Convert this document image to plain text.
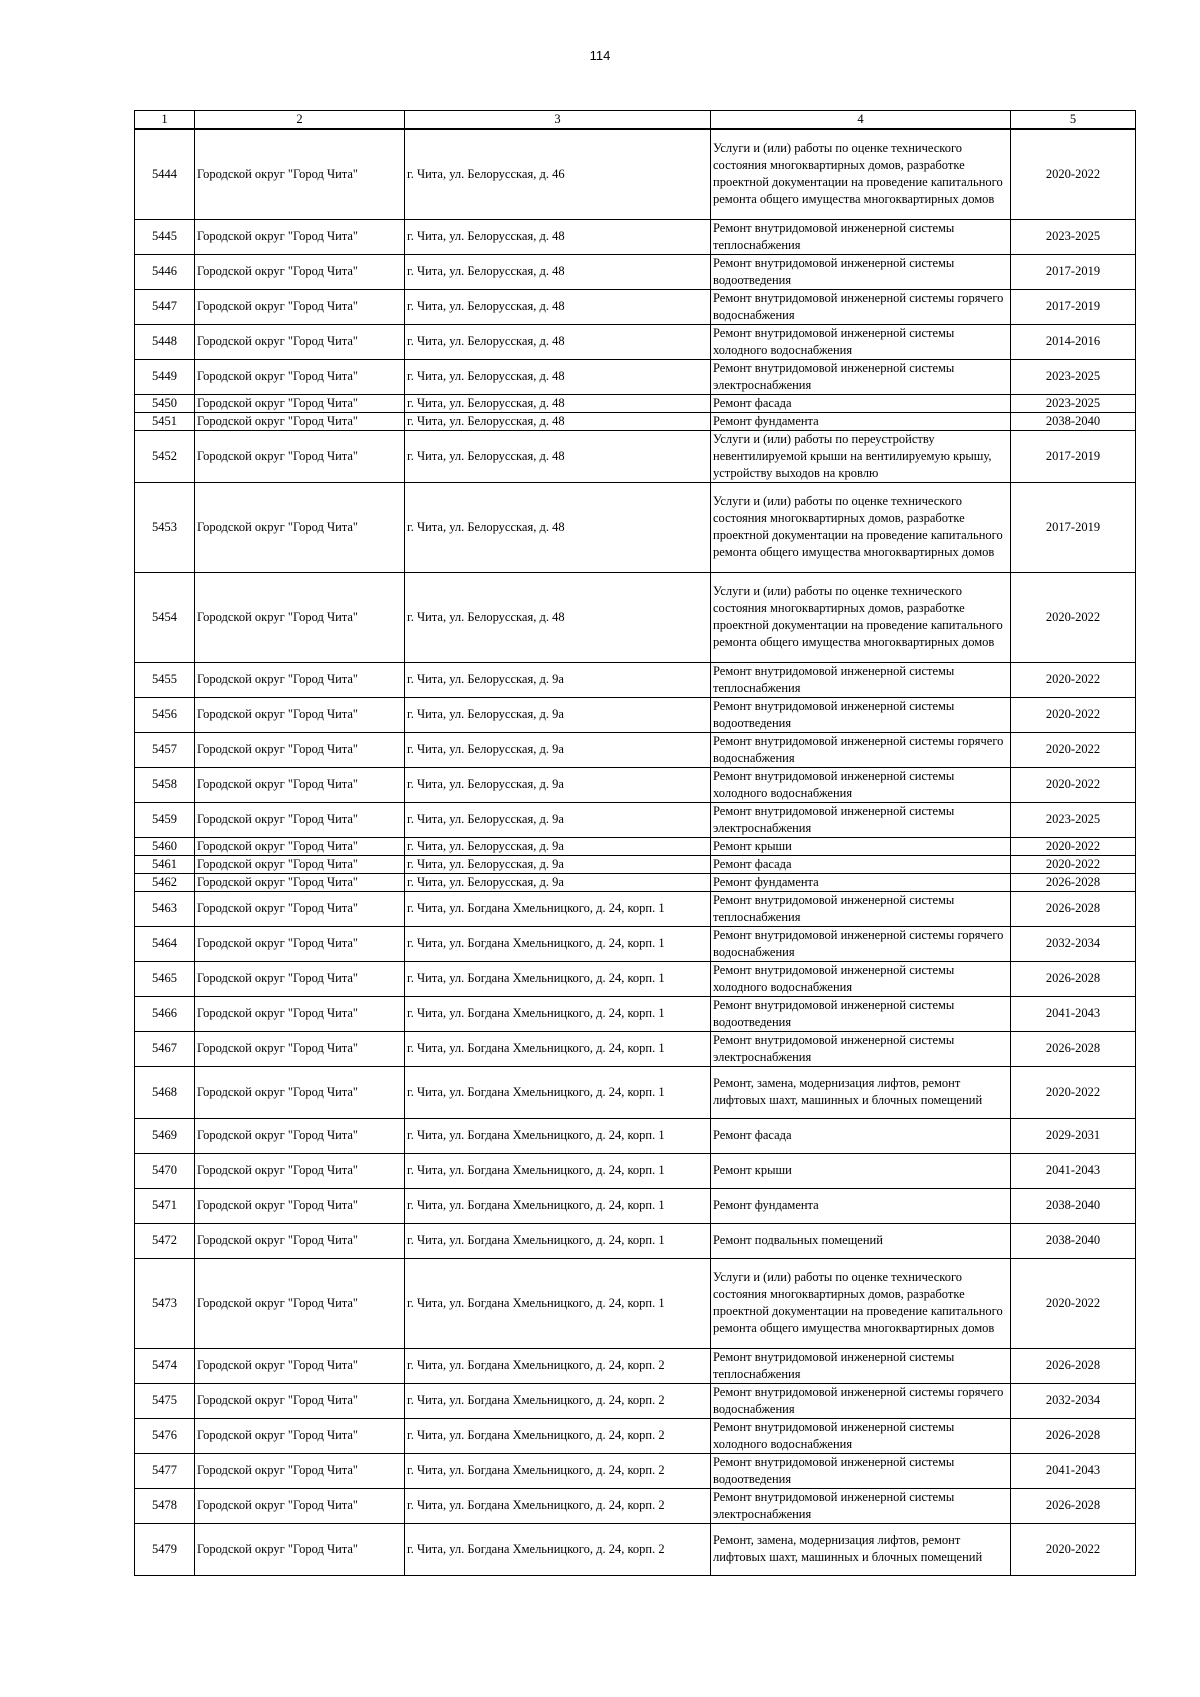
114
1	2	3	4	5
5444	Городской округ "Город Чита"	г. Чита, ул. Белорусская, д. 46	Услуги и (или) работы по оценке технического состояния многоквартирных домов, разработке проектной документации на проведение капитального ремонта общего имущества многоквартирных домов	2020-2022
5445	Городской округ "Город Чита"	г. Чита, ул. Белорусская, д. 48	Ремонт внутридомовой инженерной системы теплоснабжения	2023-2025
5446	Городской округ "Город Чита"	г. Чита, ул. Белорусская, д. 48	Ремонт внутридомовой инженерной системы водоотведения	2017-2019
5447	Городской округ "Город Чита"	г. Чита, ул. Белорусская, д. 48	Ремонт внутридомовой инженерной системы горячего водоснабжения	2017-2019
5448	Городской округ "Город Чита"	г. Чита, ул. Белорусская, д. 48	Ремонт внутридомовой инженерной системы холодного водоснабжения	2014-2016
5449	Городской округ "Город Чита"	г. Чита, ул. Белорусская, д. 48	Ремонт внутридомовой инженерной системы электроснабжения	2023-2025
5450	Городской округ "Город Чита"	г. Чита, ул. Белорусская, д. 48	Ремонт фасада	2023-2025
5451	Городской округ "Город Чита"	г. Чита, ул. Белорусская, д. 48	Ремонт фундамента	2038-2040
5452	Городской округ "Город Чита"	г. Чита, ул. Белорусская, д. 48	Услуги и (или) работы по переустройству невентилируемой крыши на вентилируемую крышу, устройству выходов на кровлю	2017-2019
5453	Городской округ "Город Чита"	г. Чита, ул. Белорусская, д. 48	Услуги и (или) работы по оценке технического состояния многоквартирных домов, разработке проектной документации на проведение капитального ремонта общего имущества многоквартирных домов	2017-2019
5454	Городской округ "Город Чита"	г. Чита, ул. Белорусская, д. 48	Услуги и (или) работы по оценке технического состояния многоквартирных домов, разработке проектной документации на проведение капитального ремонта общего имущества многоквартирных домов	2020-2022
5455	Городской округ "Город Чита"	г. Чита, ул. Белорусская, д. 9а	Ремонт внутридомовой инженерной системы теплоснабжения	2020-2022
5456	Городской округ "Город Чита"	г. Чита, ул. Белорусская, д. 9а	Ремонт внутридомовой инженерной системы водоотведения	2020-2022
5457	Городской округ "Город Чита"	г. Чита, ул. Белорусская, д. 9а	Ремонт внутридомовой инженерной системы горячего водоснабжения	2020-2022
5458	Городской округ "Город Чита"	г. Чита, ул. Белорусская, д. 9а	Ремонт внутридомовой инженерной системы холодного водоснабжения	2020-2022
5459	Городской округ "Город Чита"	г. Чита, ул. Белорусская, д. 9а	Ремонт внутридомовой инженерной системы электроснабжения	2023-2025
5460	Городской округ "Город Чита"	г. Чита, ул. Белорусская, д. 9а	Ремонт крыши	2020-2022
5461	Городской округ "Город Чита"	г. Чита, ул. Белорусская, д. 9а	Ремонт фасада	2020-2022
5462	Городской округ "Город Чита"	г. Чита, ул. Белорусская, д. 9а	Ремонт фундамента	2026-2028
5463	Городской округ "Город Чита"	г. Чита, ул. Богдана Хмельницкого, д. 24, корп. 1	Ремонт внутридомовой инженерной системы теплоснабжения	2026-2028
5464	Городской округ "Город Чита"	г. Чита, ул. Богдана Хмельницкого, д. 24, корп. 1	Ремонт внутридомовой инженерной системы горячего водоснабжения	2032-2034
5465	Городской округ "Город Чита"	г. Чита, ул. Богдана Хмельницкого, д. 24, корп. 1	Ремонт внутридомовой инженерной системы холодного водоснабжения	2026-2028
5466	Городской округ "Город Чита"	г. Чита, ул. Богдана Хмельницкого, д. 24, корп. 1	Ремонт внутридомовой инженерной системы водоотведения	2041-2043
5467	Городской округ "Город Чита"	г. Чита, ул. Богдана Хмельницкого, д. 24, корп. 1	Ремонт внутридомовой инженерной системы электроснабжения	2026-2028
5468	Городской округ "Город Чита"	г. Чита, ул. Богдана Хмельницкого, д. 24, корп. 1	Ремонт, замена, модернизация лифтов, ремонт лифтовых шахт, машинных и блочных помещений	2020-2022
5469	Городской округ "Город Чита"	г. Чита, ул. Богдана Хмельницкого, д. 24, корп. 1	Ремонт фасада	2029-2031
5470	Городской округ "Город Чита"	г. Чита, ул. Богдана Хмельницкого, д. 24, корп. 1	Ремонт крыши	2041-2043
5471	Городской округ "Город Чита"	г. Чита, ул. Богдана Хмельницкого, д. 24, корп. 1	Ремонт фундамента	2038-2040
5472	Городской округ "Город Чита"	г. Чита, ул. Богдана Хмельницкого, д. 24, корп. 1	Ремонт подвальных помещений	2038-2040
5473	Городской округ "Город Чита"	г. Чита, ул. Богдана Хмельницкого, д. 24, корп. 1	Услуги и (или) работы по оценке технического состояния многоквартирных домов, разработке проектной документации на проведение капитального ремонта общего имущества многоквартирных домов	2020-2022
5474	Городской округ "Город Чита"	г. Чита, ул. Богдана Хмельницкого, д. 24, корп. 2	Ремонт внутридомовой инженерной системы теплоснабжения	2026-2028
5475	Городской округ "Город Чита"	г. Чита, ул. Богдана Хмельницкого, д. 24, корп. 2	Ремонт внутридомовой инженерной системы горячего водоснабжения	2032-2034
5476	Городской округ "Город Чита"	г. Чита, ул. Богдана Хмельницкого, д. 24, корп. 2	Ремонт внутридомовой инженерной системы холодного водоснабжения	2026-2028
5477	Городской округ "Город Чита"	г. Чита, ул. Богдана Хмельницкого, д. 24, корп. 2	Ремонт внутридомовой инженерной системы водоотведения	2041-2043
5478	Городской округ "Город Чита"	г. Чита, ул. Богдана Хмельницкого, д. 24, корп. 2	Ремонт внутридомовой инженерной системы электроснабжения	2026-2028
5479	Городской округ "Город Чита"	г. Чита, ул. Богдана Хмельницкого, д. 24, корп. 2	Ремонт, замена, модернизация лифтов, ремонт лифтовых шахт, машинных и блочных помещений	2020-2022
